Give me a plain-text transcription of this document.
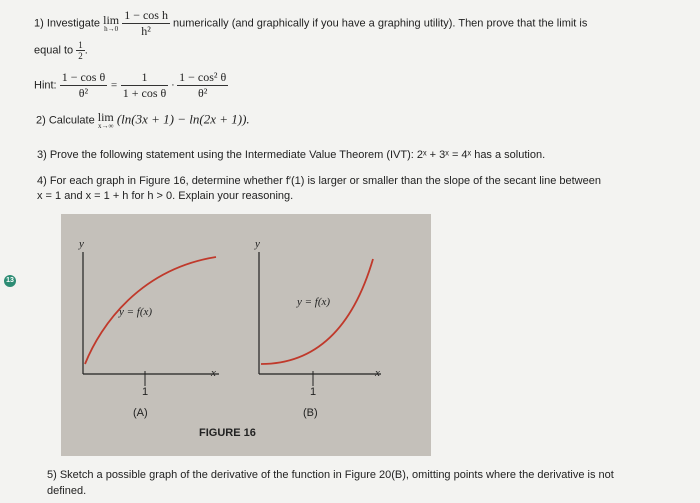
1) Investigate lim
h→0
$\frac{\text{1 − cos h}}{\text{h²}}$ numerically (and graphically if you have a graphing utility). Then prove that the limit is
equal to $\frac{1}{2}$ .
Hint: $\frac{\text{1 − cos θ}}{\text{θ²}} = \frac{1}{\text{1 + cos θ}} \cdot \frac{\text{1 − cos² θ}}{\text{θ²}}$
2) Calculate lim
x→∞ (ln(3x + 1) − ln(2x + 1)).
3) Prove the following statement using the Intermediate Value Theorem (IVT): 2ˣ + 3ˣ = 4ˣ has a solution.
4) For each graph in Figure 16, determine whether f′(1) is larger or smaller than the slope of the secant line between
x = 1 and x = 1 + h for h > 0. Explain your reasoning.
13
y
x
y = f(x)
1
(A)
y
x
y = f(x)
1
(B)
FIGURE 16
5) Sketch a possible graph of the derivative of the function in Figure 20(B), omitting points where the derivative is not
defined.
